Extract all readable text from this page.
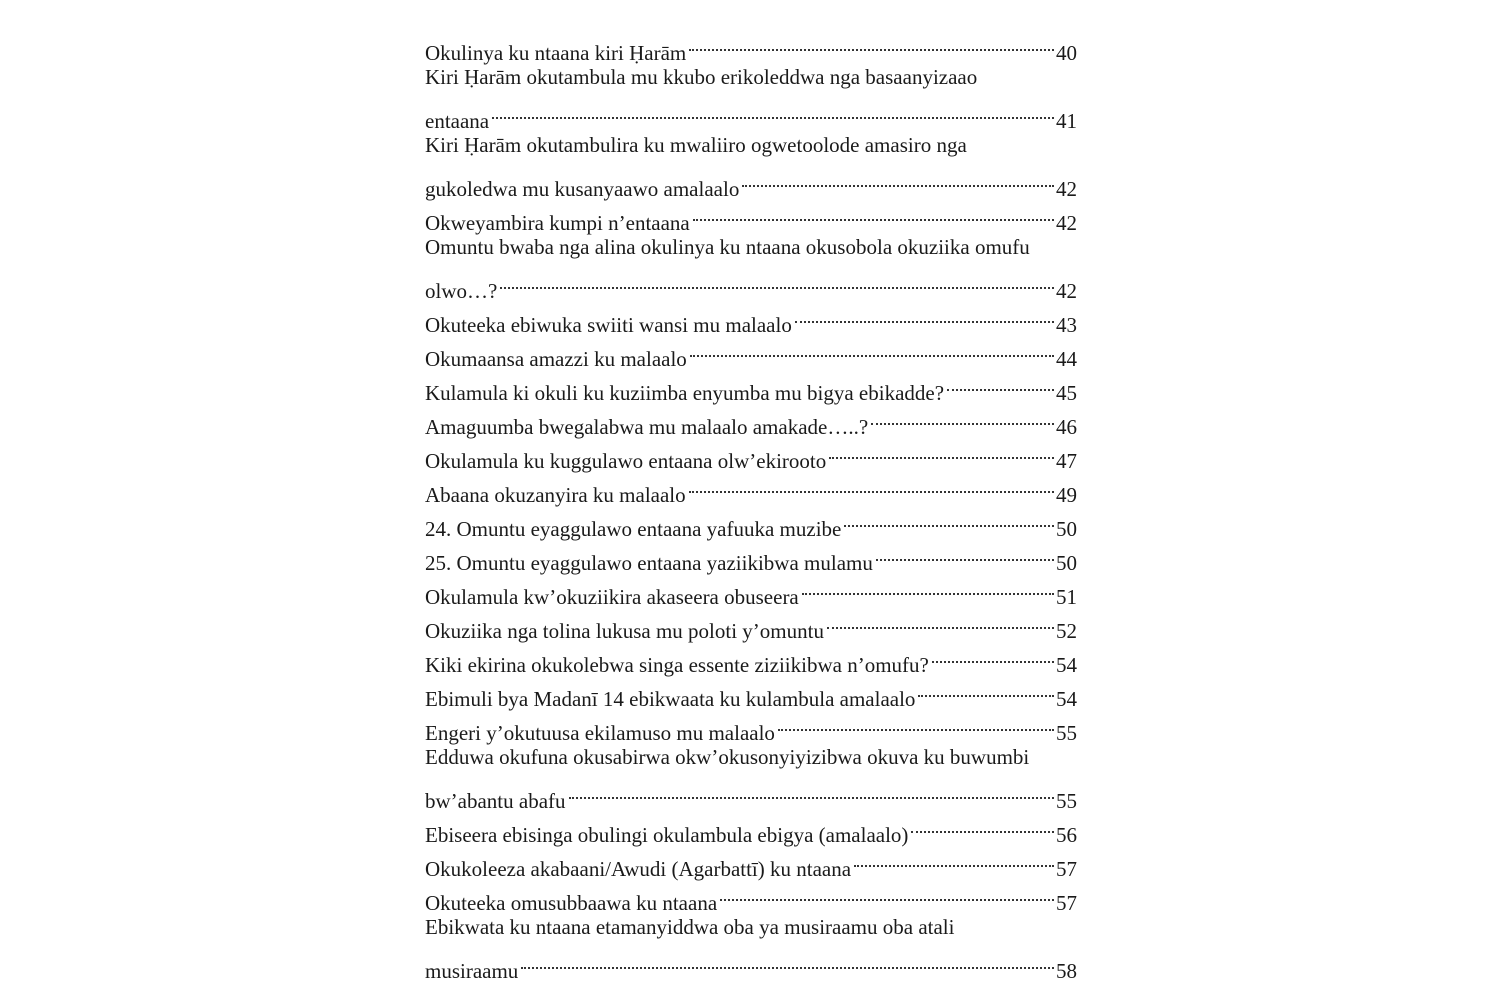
Okulinya ku ntaana kiri Ḥarām	40
Kiri Ḥarām okutambula mu kkubo erikoleddwa nga basaanyizaao
entaana	41
Kiri Ḥarām okutambulira ku mwaliiro ogwetoolode amasiro nga
gukoledwa mu kusanyaawo amalaalo	42
Okweyambira kumpi n’entaana	42
Omuntu bwaba nga alina okulinya ku ntaana okusobola okuziika omufu
olwo…?	42
Okuteeka ebiwuka swiiti wansi mu malaalo	43
Okumaansa amazzi ku malaalo	44
Kulamula ki okuli ku kuziimba enyumba mu bigya ebikadde?	45
Amaguumba bwegalabwa mu malaalo amakade…..?	46
Okulamula ku kuggulawo entaana olw’ekirooto	47
Abaana okuzanyira ku malaalo	49
24. Omuntu eyaggulawo entaana yafuuka muzibe	50
25. Omuntu eyaggulawo entaana yaziikibwa mulamu	50
Okulamula kw’okuziikira akaseera obuseera	51
Okuziika nga tolina lukusa mu poloti y’omuntu	52
Kiki ekirina okukolebwa singa essente ziziikibwa n’omufu?	54
Ebimuli bya Madanī 14 ebikwaata ku kulambula amalaalo	54
Engeri y’okutuusa ekilamuso mu malaalo	55
Edduwa okufuna okusabirwa okw’okusonyiyizibwa okuva ku buwumbi
bw’abantu abafu	55
Ebiseera ebisinga obulingi okulambula ebigya (amalaalo)	56
Okukoleeza akabaani/Awudi (Agarbattī) ku ntaana	57
Okuteeka omusubbaawa ku ntaana	57
Ebikwata ku ntaana etamanyiddwa oba ya musiraamu oba atali
musiraamu	58
